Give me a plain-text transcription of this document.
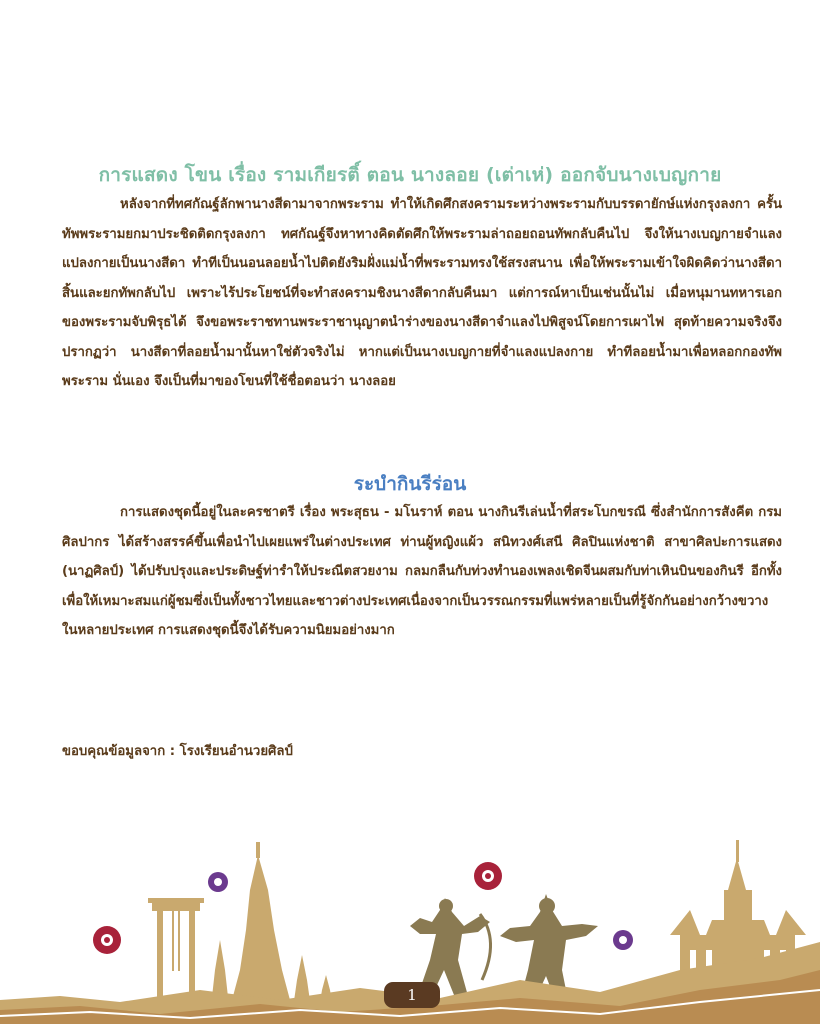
การแสดง โขน เรื่อง รามเกียรติ์ ตอน นางลอย (เต่าเห่) ออกจับนางเบญกาย

หลังจากที่ทศกัณฐ์ลักพานางสีดามาจากพระราม ทำให้เกิดศึกสงครามระหว่างพระรามกับบรรดายักษ์แห่งกรุงลงกา ครั้นทัพพระรามยกมาประชิดติดกรุงลงกา ทศกัณฐ์จึงหาทางคิดตัดศึกให้พระรามล่าถอยถอนทัพกลับคืนไป จึงให้นางเบญกายจำแลงแปลงกายเป็นนางสีดา ทำทีเป็นนอนลอยน้ำไปติดยังริมฝั่งแม่น้ำที่พระรามทรงใช้สรงสนาน เพื่อให้พระรามเข้าใจผิดคิดว่านางสีดาสิ้นและยกทัพกลับไป เพราะไร้ประโยชน์ที่จะทำสงครามชิงนางสีดากลับคืนมา แต่การณ์หาเป็นเช่นนั้นไม่ เมื่อหนุมานทหารเอกของพระรามจับพิรุธได้ จึงขอพระราชทานพระราชานุญาตนำร่างของนางสีดาจำแลงไปพิสูจน์โดยการเผาไฟ สุดท้ายความจริงจึงปรากฏว่า นางสีดาที่ลอยน้ำมานั้นหาใช่ตัวจริงไม่ หากแต่เป็นนางเบญกายที่จำแลงแปลงกาย ทำทีลอยน้ำมาเพื่อหลอกกองทัพพระราม นั่นเอง จึงเป็นที่มาของโขนที่ใช้ชื่อตอนว่า นางลอย

ระบำกินรีร่อน

การแสดงชุดนี้อยู่ในละครชาตรี เรื่อง พระสุธน - มโนราห์ ตอน นางกินรีเล่นน้ำที่สระโบกขรณี ซึ่งสำนักการสังคีต กรมศิลปากร ได้สร้างสรรค์ขึ้นเพื่อนำไปเผยแพร่ในต่างประเทศ ท่านผู้หญิงแผ้ว สนิทวงศ์เสนี ศิลปินแห่งชาติ สาขาศิลปะการแสดง (นาฏศิลป์) ได้ปรับปรุงและประดิษฐ์ท่ารำให้ประณีตสวยงาม กลมกลืนกับท่วงทำนองเพลงเชิดจีนผสมกับท่าเหินบินของกินรี อีกทั้งเพื่อให้เหมาะสมแก่ผู้ชมซึ่งเป็นทั้งชาวไทยและชาวต่างประเทศเนื่องจากเป็นวรรณกรรมที่แพร่หลายเป็นที่รู้จักกันอย่างกว้างขวางในหลายประเทศ การแสดงชุดนี้จึงได้รับความนิยมอย่างมาก

ขอบคุณข้อมูลจาก : โรงเรียนอำนวยศิลป์
1
